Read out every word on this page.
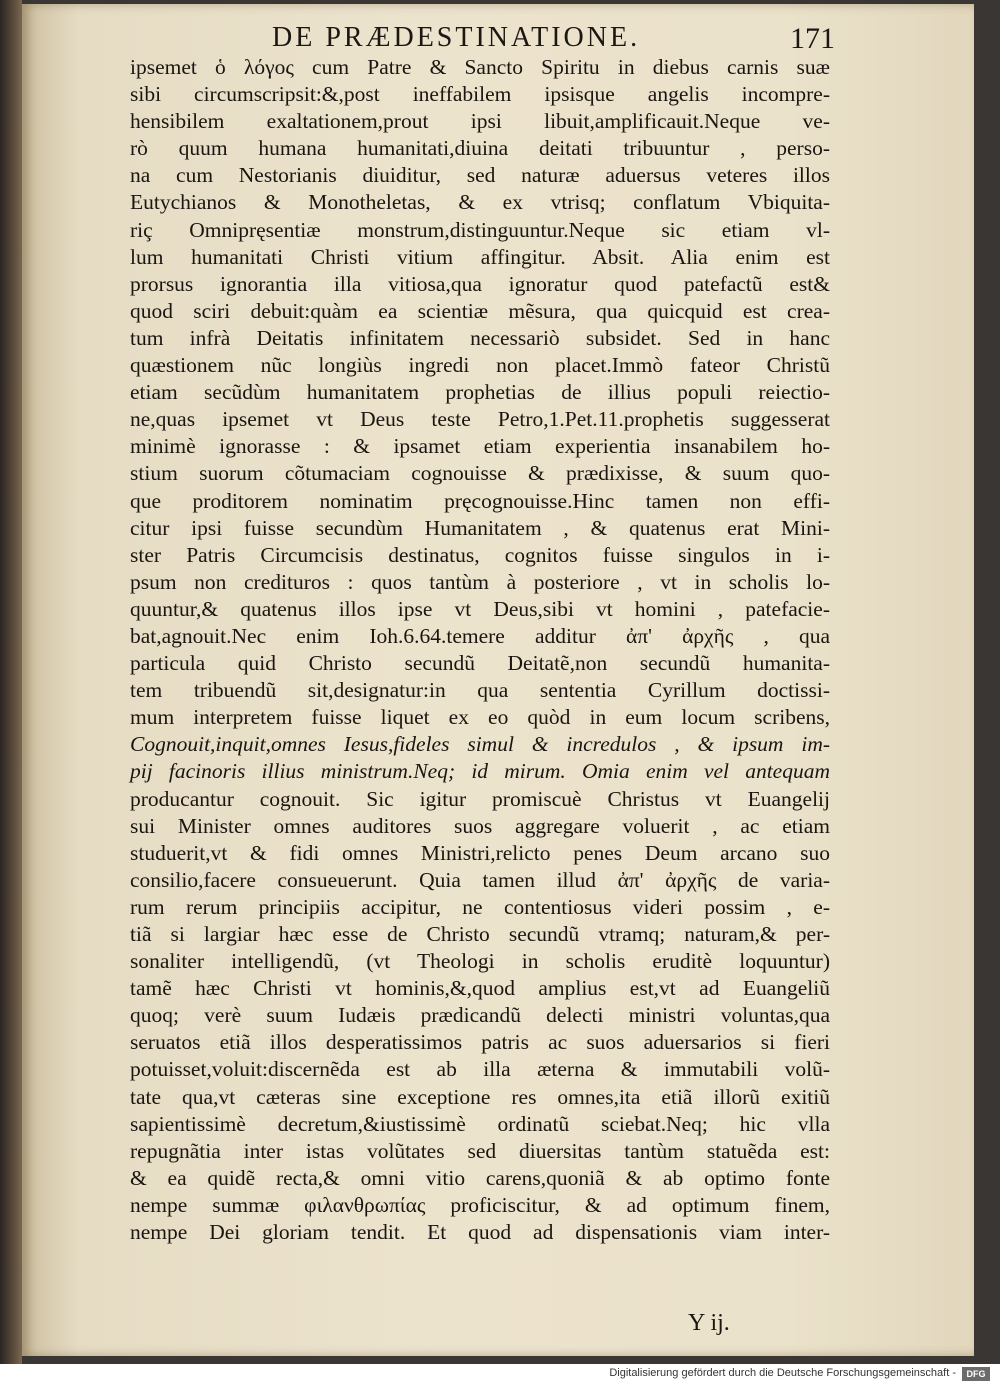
DE PRÆDESTINATIONE.	171
ipsemet ὁ λόγος cum Patre & Sancto Spiritu in diebus carnis suæ
sibi circumscripsit:&,post ineffabilem ipsisque angelis incompre-
hensibilem exaltationem,prout ipsi libuit,amplificauit.Neque ve-
rò quum humana humanitati,diuina deitati tribuuntur , perso-
na cum Nestorianis diuiditur, sed naturæ aduersus veteres illos
Eutychianos & Monotheletas, & ex vtrisq; conflatum Vbiquita-
riç Omnipręsentiæ monstrum,distinguuntur.Neque sic etiam vl-
lum humanitati Christi vitium affingitur. Absit. Alia enim est
prorsus ignorantia illa vitiosa,qua ignoratur quod patefactũ est&
quod sciri debuit:quàm ea scientiæ mẽsura, qua quicquid est crea-
tum infrà Deitatis infinitatem necessariò subsidet. Sed in hanc
quæstionem nũc longiùs ingredi non placet.Immò fateor Christũ
etiam secũdùm humanitatem prophetias de illius populi reiectio-
ne,quas ipsemet vt Deus teste Petro,1.Pet.11.prophetis suggesserat
minimè ignorasse : & ipsamet etiam experientia insanabilem ho-
stium suorum cõtumaciam cognouisse & prædixisse, & suum quo-
que proditorem nominatim pręcognouisse.Hinc tamen non effi-
citur ipsi fuisse secundùm Humanitatem , & quatenus erat Mini-
ster Patris Circumcisis destinatus, cognitos fuisse singulos in i-
psum non credituros : quos tantùm à posteriore , vt in scholis lo-
quuntur,& quatenus illos ipse vt Deus,sibi vt homini , patefacie-
bat,agnouit.Nec enim Ioh.6.64.temere additur ἀπ' ἀρχῆς , qua
particula quid Christo secundũ Deitatẽ,non secundũ humanita-
tem tribuendũ sit,designatur:in qua sententia Cyrillum doctissi-
mum interpretem fuisse liquet ex eo quòd in eum locum scribens,
Cognouit,inquit,omnes Iesus,fideles simul & incredulos , & ipsum im-
pij facinoris illius ministrum.Neq; id mirum. Omia enim vel antequam
producantur cognouit. Sic igitur promiscuè Christus vt Euangelij
sui Minister omnes auditores suos aggregare voluerit , ac etiam
studuerit,vt & fidi omnes Ministri,relicto penes Deum arcano suo
consilio,facere consueuerunt. Quia tamen illud ἀπ' ἀρχῆς de varia-
rum rerum principiis accipitur, ne contentiosus videri possim , e-
tiã si largiar hæc esse de Christo secundũ vtramq; naturam,& per-
sonaliter intelligendũ, (vt Theologi in scholis eruditè loquuntur)
tamẽ hæc Christi vt hominis,&,quod amplius est,vt ad Euangeliũ
quoq; verè suum Iudæis prædicandũ delecti ministri voluntas,qua
seruatos etiã illos desperatissimos patris ac suos aduersarios si fieri
potuisset,voluit:discernẽda est ab illa æterna & immutabili volũ-
tate qua,vt cæteras sine exceptione res omnes,ita etiã illorũ exitiũ
sapientissimè decretum,&iustissimè ordinatũ sciebat.Neq; hic vlla
repugnãtia inter istas volũtates sed diuersitas tantùm statuẽda est:
& ea quidẽ recta,& omni vitio carens,quoniã & ab optimo fonte
nempe summæ φιλανθρωπίας proficiscitur, & ad optimum finem,
nempe Dei gloriam tendit. Et quod ad dispensationis viam inter-
Y ij.
Digitalisierung gefördert durch die Deutsche Forschungsgemeinschaft -	DFG
